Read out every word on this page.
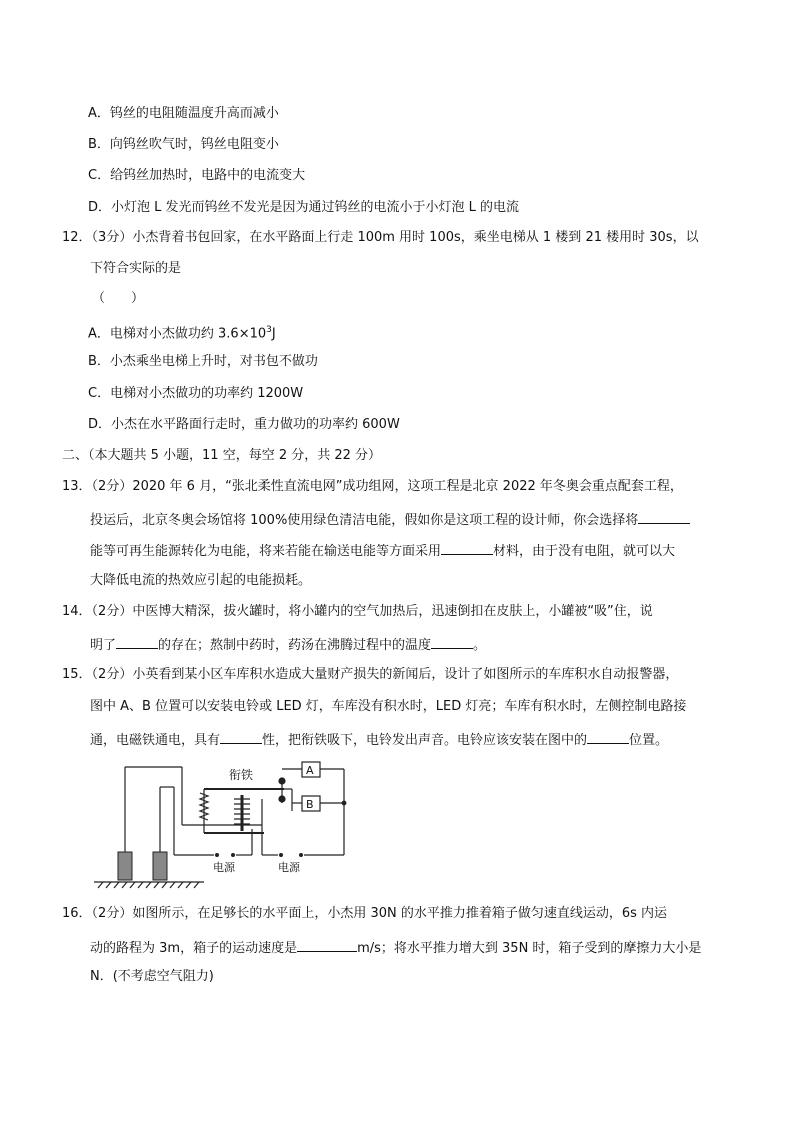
A．钨丝的电阻随温度升高而减小
B．向钨丝吹气时，钨丝电阻变小
C．给钨丝加热时，电路中的电流变大
D．小灯泡 L 发光而钨丝不发光是因为通过钨丝的电流小于小灯泡 L 的电流
12．（3分）小杰背着书包回家，在水平路面上行走 100m 用时 100s，乘坐电梯从 1 楼到 21 楼用时 30s，以
下符合实际的是
（　　）
A．电梯对小杰做功约 $3.6\times 10^3J$
B．小杰乘坐电梯上升时，对书包不做功
C．电梯对小杰做功的功率约 1200W
D．小杰在水平路面行走时，重力做功的功率约 600W
二、（本大题共 5 小题，11 空，每空 2 分，共 22 分）
13．（2分）2020 年 6 月，“张北柔性直流电网”成功组网，这项工程是北京 2022 年冬奥会重点配套工程，
投运后，北京冬奥会场馆将 100%使用绿色清洁电能，假如你是这项工程的设计师，你会选择将
能等可再生能源转化为电能，将来若能在输送电能等方面采用	材料，由于没有电阻，就可以大
大降低电流的热效应引起的电能损耗。
14．（2分）中医博大精深，拔火罐时，将小罐内的空气加热后，迅速倒扣在皮肤上，小罐被“吸”住，说
明了	的存在；熬制中药时，药汤在沸腾过程中的温度	。
15．（2分）小英看到某小区车库积水造成大量财产损失的新闻后，设计了如图所示的车库积水自动报警器，
图中 A、B 位置可以安装电铃或 LED 灯，车库没有积水时，LED 灯亮；车库有积水时，左侧控制电路接
通，电磁铁通电，具有	性，把衔铁吸下，电铃发出声音。电铃应该安装在图中的	位置。
衔铁	A
B
电源	电源
16．（2分）如图所示，在足够长的水平面上，小杰用 30N 的水平推力推着箱子做匀速直线运动，6s 内运
动的路程为 3m，箱子的运动速度是	m/s；将水平推力增大到 35N 时，箱子受到的摩擦力大小是
N．(不考虑空气阻力)
